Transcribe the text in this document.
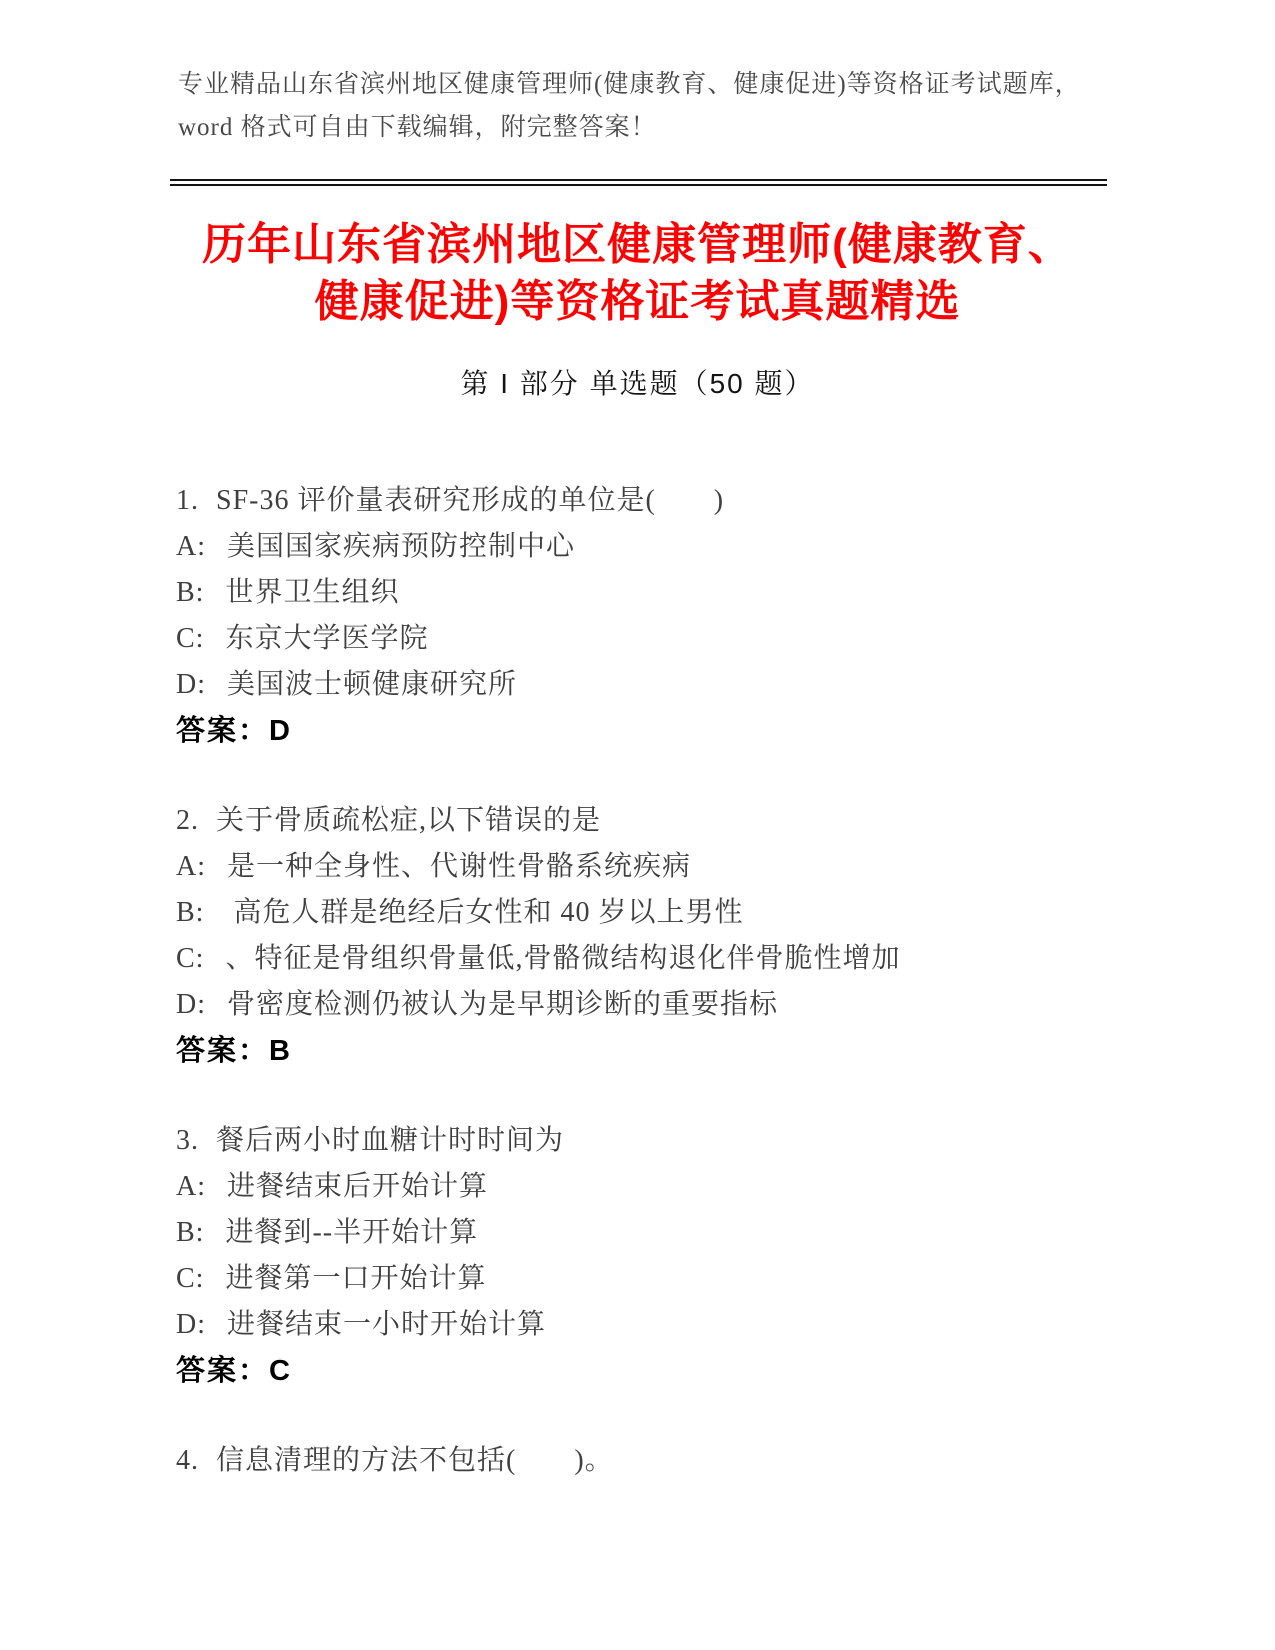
专业精品山东省滨州地区健康管理师(健康教育、健康促进)等资格证考试题库，
word 格式可自由下载编辑，附完整答案！
历年山东省滨州地区健康管理师(健康教育、
健康促进)等资格证考试真题精选
第 I 部分 单选题（50 题）
1. SF-36 评价量表研究形成的单位是(　　)
A: 美国国家疾病预防控制中心
B: 世界卫生组织
C: 东京大学医学院
D: 美国波士顿健康研究所
答案：D
2. 关于骨质疏松症,以下错误的是
A: 是一种全身性、代谢性骨骼系统疾病
B: 高危人群是绝经后女性和 40 岁以上男性
C: 、特征是骨组织骨量低,骨骼微结构退化伴骨脆性增加
D: 骨密度检测仍被认为是早期诊断的重要指标
答案：B
3. 餐后两小时血糖计时时间为
A: 进餐结束后开始计算
B: 进餐到--半开始计算
C: 进餐第一口开始计算
D: 进餐结束一小时开始计算
答案：C
4. 信息清理的方法不包括(　　)。
